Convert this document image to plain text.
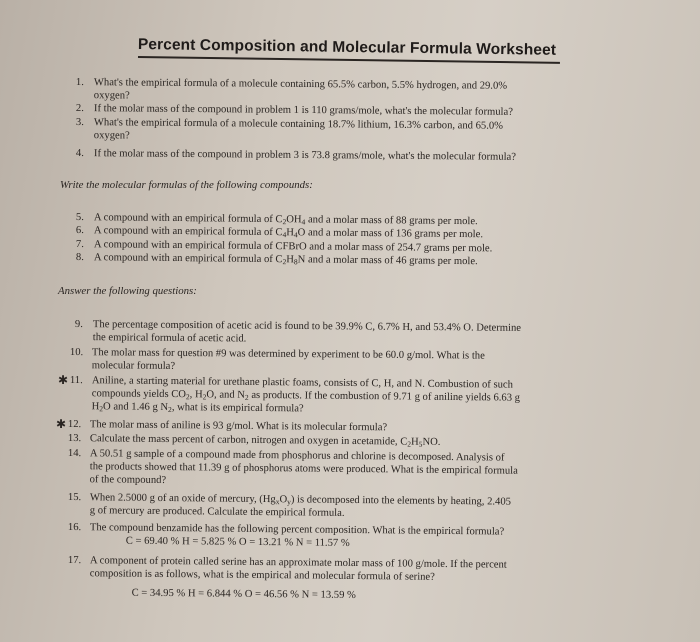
Percent Composition and Molecular Formula Worksheet
1. What's the empirical formula of a molecule containing 65.5% carbon, 5.5% hydrogen, and 29.0%
oxygen?
2. If the molar mass of the compound in problem 1 is 110 grams/mole, what's the molecular formula?
3. What's the empirical formula of a molecule containing 18.7% lithium, 16.3% carbon, and 65.0%
oxygen?
4. If the molar mass of the compound in problem 3 is 73.8 grams/mole, what's the molecular formula?
Write the molecular formulas of the following compounds:
5. A compound with an empirical formula of $C_2OH_4$ and a molar mass of 88 grams per mole.
6. A compound with an empirical formula of $C_4H_4O$ and a molar mass of 136 grams per mole.
7. A compound with an empirical formula of CFBrO and a molar mass of 254.7 grams per mole.
8. A compound with an empirical formula of $C_2H_8N$ and a molar mass of 46 grams per mole.
Answer the following questions:
9. The percentage composition of acetic acid is found to be 39.9% C, 6.7% H, and 53.4% O. Determine
the empirical formula of acetic acid.
10. The molar mass for question #9 was determined by experiment to be 60.0 g/mol. What is the
molecular formula?
✱ 11. Aniline, a starting material for urethane plastic foams, consists of C, H, and N. Combustion of such
compounds yields $CO_2$, $H_2O$, and $N_2$ as products. If the combustion of 9.71 g of aniline yields 6.63 g
$H_2O$ and 1.46 g $N_2$, what is its empirical formula?
✱ 12. The molar mass of aniline is 93 g/mol. What is its molecular formula?
13. Calculate the mass percent of carbon, nitrogen and oxygen in acetamide, $C_2H_5NO$.
14. A 50.51 g sample of a compound made from phosphorus and chlorine is decomposed. Analysis of
the products showed that 11.39 g of phosphorus atoms were produced. What is the empirical formula
of the compound?
15. When 2.5000 g of an oxide of mercury, $(Hg_xO_y)$ is decomposed into the elements by heating, 2.405
g of mercury are produced. Calculate the empirical formula.
16. The compound benzamide has the following percent composition. What is the empirical formula?
C = 69.40 % H = 5.825 % O = 13.21 % N = 11.57 %
17. A component of protein called serine has an approximate molar mass of 100 g/mole. If the percent
composition is as follows, what is the empirical and molecular formula of serine?
C = 34.95 % H = 6.844 % O = 46.56 % N = 13.59 %
